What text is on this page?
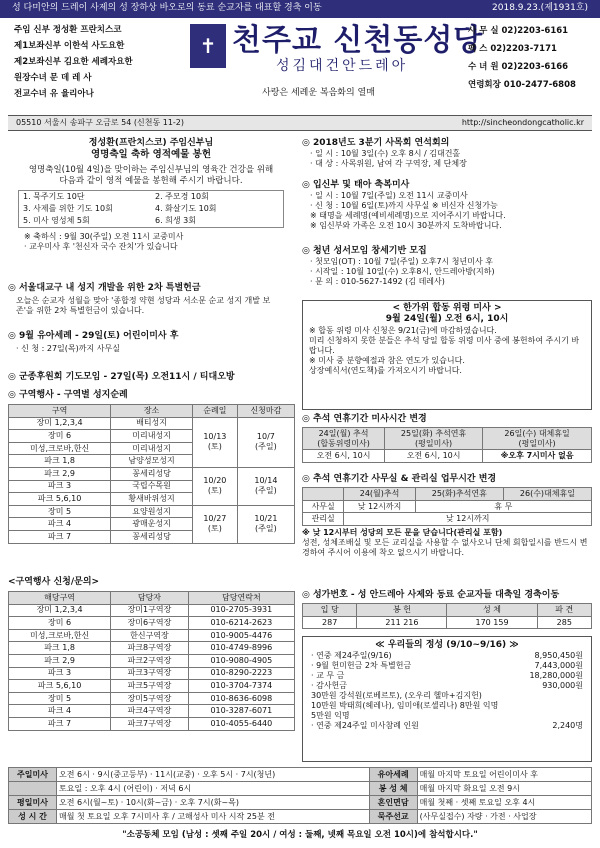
성 다미안의 드레이 사제의 성 장하상 바오로의 동료 순교자를 대표할 경축 이동	2018.9.23.(제1931호)
주임 신부 정성환 프란치스코
제1보좌신부 이한석 사도요한
제2보좌신부 김요한 세례자요한
원장수녀 문 데 레 사
전교수녀 유 율리아나
✝ 천주교 신천동성당
성김대건안드레아
사랑은 세례운 복음화의 열매
사 무 실 02)2203-6161
팩 스 02)2203-7171
수 녀 원 02)2203-6166
연령회장 010-2477-6808
05510 서울시 송파구 오금로 54 (신천동 11-2)	http://sincheondongcatholic.kr
정성환(프란치스코) 주임신부님
영명축일 축하 영적예물 봉헌
영명축일(10월 4일)을 맞이하는 주임신부님의 영육간 건강을 위해 다음과 같이 영적 예물을 봉헌해 주시기 바랍니다.
1. 묵주기도 10단	2. 주모경 10회
3. 사제를 위한 기도 10회	4. 화살기도 10회
5. 미사 영성체 5회	6. 희생 3회
※ 축하식 : 9월 30(주일) 오전 11시 교중미사
· 교우미사 후 '천신자 국수 잔치'가 있습니다
◎ 서울대교구 내 성지 개발을 위한 2차 특별헌금
오늘은 순교자 성월을 맞아 '종합정 약현 성당과 서소문 순교 성지 개발 보존'을 위한 2차 특별헌금이 있습니다.
◎ 9월 유아세례 - 29일(토) 어린이미사 후
· 신 청 : 27일(목)까지 사무실
◎ 군종후원회 기도모임 - 27일(목) 오전11시 / 티대오방
◎ 구역행사 - 구역별 성지순례
구역	장소	순례일	신청마감
장미 1,2,3,4	배티성지	10/13
(토)	10/7
(주일)
장미 6	미리내성지		
미성,크로바,한신	미리내성지		
파크 1,8	남양성모성지		
파크 2,9	꽁세리성당	10/20
(토)	10/14
(주일)
파크 3	국립수목원		
파크 5,6,10	황새바위성지		
장미 5	요양원성지	10/27
(토)	10/21
(주일)
파크 4	광매운성지		
파크 7	꽁세리성당		
<구역행사 신청/문의>
해당구역	담당자	담당연락처
장미 1,2,3,4	장미1구역장	010-2705-3931
장미 6	장미6구역장	010-6214-2623
미성,크로바,한신	한신구역장	010-9005-4476
파크 1,8	파크8구역장	010-4749-8996
파크 2,9	파크2구역장	010-9080-4905
파크 3	파크3구역장	010-8290-2223
파크 5,6,10	파크5구역장	010-3704-7374
장미 5	장미5구역장	010-8636-6098
파크 4	파크4구역장	010-3287-6071
파크 7	파크7구역장	010-4055-6440
◎ 2018년도 3분기 사목회 연석회의
· 일 시 : 10월 3일(수) 오후 8시 / 김대건홀
· 대 상 : 사목위원, 남여 각 구역장, 제 단체장
◎ 입신부 및 태아 축복미사
· 일 시 : 10월 7일(주일) 오전 11시 교중미사
· 신 청 : 10월 6일(토)까지 사무실 ※ 비신자 신청가능
※ 태명을 세례명(예비세례명)으로 지어주시기 바랍니다.
※ 임신부와 가족은 오전 10시 30분까지 도착바랍니다.
◎ 청년 성서모임 창세기반 모집
· 첫모임(OT) : 10월 7일(주일) 오후7시 청년미사 후
· 시작일 : 10월 10일(수) 오후8시, 안드레아방(지하)
· 문 의 : 010-5627-1492 (김 데레사)
< 한가위 합동 위령 미사 >
9월 24일(월) 오전 6시, 10시
※ 합동 위령 미사 신청은 9/21(금)에 마감하였습니다.
미리 신청하지 못한 분들은 추석 당일 합동 위령 미사 중에 봉헌하여 주시기 바랍니다.
※ 미사 중 분향예절과 참은 연도가 있습니다.
상장예식서(연도책)를 가져오시기 바랍니다.
◎ 추석 연휴기간 미사시간 변경
24일(월) 추석
(합동위령미사)	25일(화) 추석연휴
(평일미사)	26일(수) 대체휴일
(평일미사)
오전 6시, 10시	오전 6시, 10시	※오후 7시미사 없음
◎ 추석 연휴기간 사무실 & 관리실 업무시간 변경
	24(월)추석	25(화)추석연휴	26(수)대체휴일
사무실	낮 12시까지	휴 무	
관리실	낮 12시까지		
※ 낮 12시부터 성당의 모든 문을 닫습니다(관리실 포함)
성전, 성체조배실 및 모든 교리실을 사용할 수 없사오니 단체 회합일시를 반드시 변경하여 주시어 이용에 착오 없으시기 바랍니다.
◎ 성가번호 - 성 안드레아 사제와 동료 순교자들 대축일 경축이동
입 당	봉 헌	성 체	파 견
287	211 216	170 159	285
≪ 우리들의 정성 (9/10~9/16) ≫
· 연중 제24주일(9/16)	8,950,450원
· 9월 헌미헌금 2차 특별헌금	7,443,000원
· 교 무 금	18,280,000원
· 감사헌금	930,000원
30만원 강석원(로베르토), (오우리 헬마+김지헌)
10만원 박태희(헤레나), 임미애(로셀리나) 8만원 익명
5만원 익명
· 연중 제24주일 미사참례 인원	2,240명
주일미사	오전 6시 · 9시(중고등부) · 11시(교중) · 오후 5시 · 7시(청년)	유아세례	매월 마지막 토요일 어린이미사 후
	토요일 : 오후 4시 (어린이) · 저녁 6시	봉 성 체	매월 마지막 화요일 오전 9시
평일미사	오전 6시(월~토) · 10시(화~금) · 오후 7시(화~목)	혼인면담	매월 첫째 · 셋째 토요일 오후 4시
성 시 간	매월 첫 토요일 오후 7시미사 후 / 고해성사 미사 시작 25분 전	묵주선교	(사무실접수) 자량 · 가전 · 사업장
"소공동체 모임 (남성 : 셋째 주일 20시 / 여성 : 둘째, 넷째 목요일 오전 10시)에 참석합시다."
